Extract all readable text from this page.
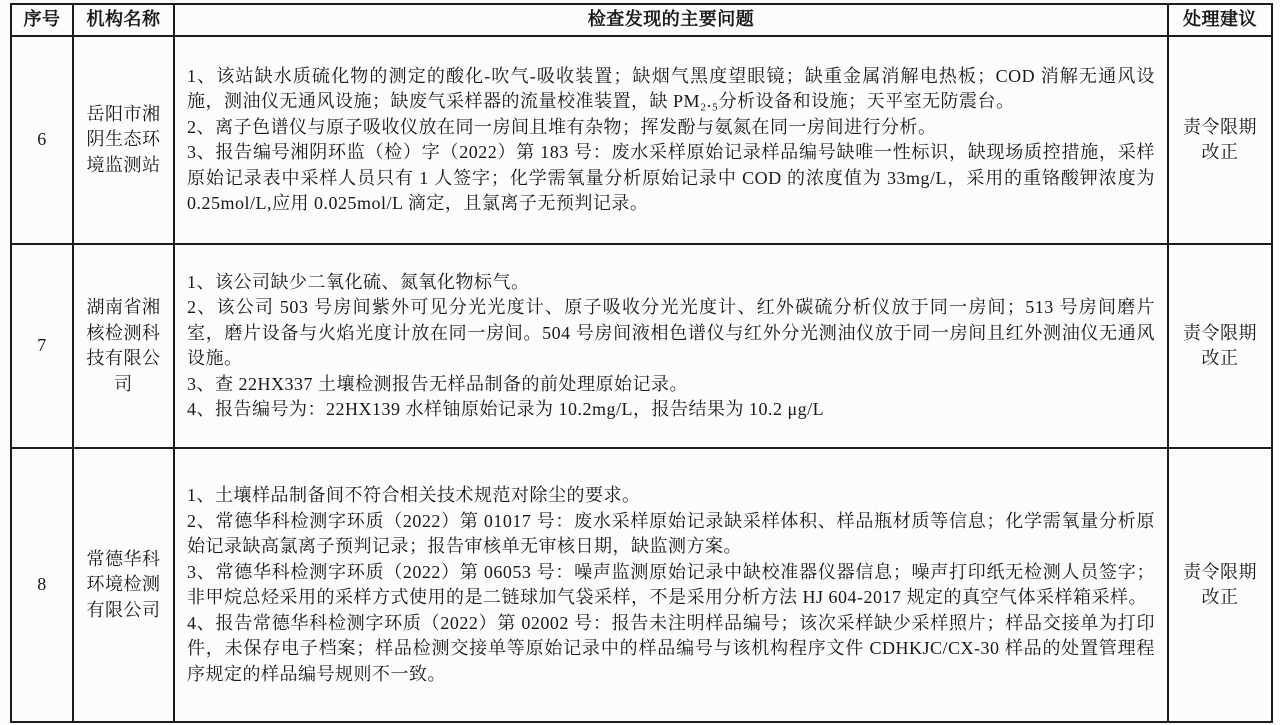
序号	机构名称	检查发现的主要问题	处理建议
6	岳阳市湘阴生态环境监测站	1、该站缺水质硫化物的测定的酸化-吹气-吸收装置；缺烟气黑度望眼镜；缺重金属消解电热板；COD 消解无通风设施，测油仪无通风设施；缺废气采样器的流量校准装置，缺 PM₂.₅分析设备和设施；天平室无防震台。

2、离子色谱仪与原子吸收仪放在同一房间且堆有杂物；挥发酚与氨氮在同一房间进行分析。

3、报告编号湘阴环监（检）字（2022）第 183 号：废水采样原始记录样品编号缺唯一性标识，缺现场质控措施，采样原始记录表中采样人员只有 1 人签字；化学需氧量分析原始记录中 COD 的浓度值为 33mg/L，采用的重铬酸钾浓度为 0.25mol/L,应用 0.025mol/L 滴定，且氯离子无预判记录。	责令限期改正
7	湖南省湘核检测科技有限公司	1、该公司缺少二氧化硫、氮氧化物标气。

2、该公司 503 号房间紫外可见分光光度计、原子吸收分光光度计、红外碳硫分析仪放于同一房间；513 号房间磨片室，磨片设备与火焰光度计放在同一房间。504 号房间液相色谱仪与红外分光测油仪放于同一房间且红外测油仪无通风设施。

3、查 22HX337 土壤检测报告无样品制备的前处理原始记录。

4、报告编号为：22HX139 水样铀原始记录为 10.2mg/L，报告结果为 10.2 μg/L	责令限期改正
8	常德华科环境检测有限公司	1、土壤样品制备间不符合相关技术规范对除尘的要求。

2、常德华科检测字环质（2022）第 01017 号：废水采样原始记录缺采样体积、样品瓶材质等信息；化学需氧量分析原始记录缺高氯离子预判记录；报告审核单无审核日期，缺监测方案。

3、常德华科检测字环质（2022）第 06053 号：噪声监测原始记录中缺校准器仪器信息；噪声打印纸无检测人员签字；非甲烷总烃采用的采样方式使用的是二链球加气袋采样，不是采用分析方法 HJ 604-2017 规定的真空气体采样箱采样。

4、报告常德华科检测字环质（2022）第 02002 号：报告未注明样品编号；该次采样缺少采样照片；样品交接单为打印件，未保存电子档案；样品检测交接单等原始记录中的样品编号与该机构程序文件 CDHKJC/CX-30 样品的处置管理程序规定的样品编号规则不一致。	责令限期改正
